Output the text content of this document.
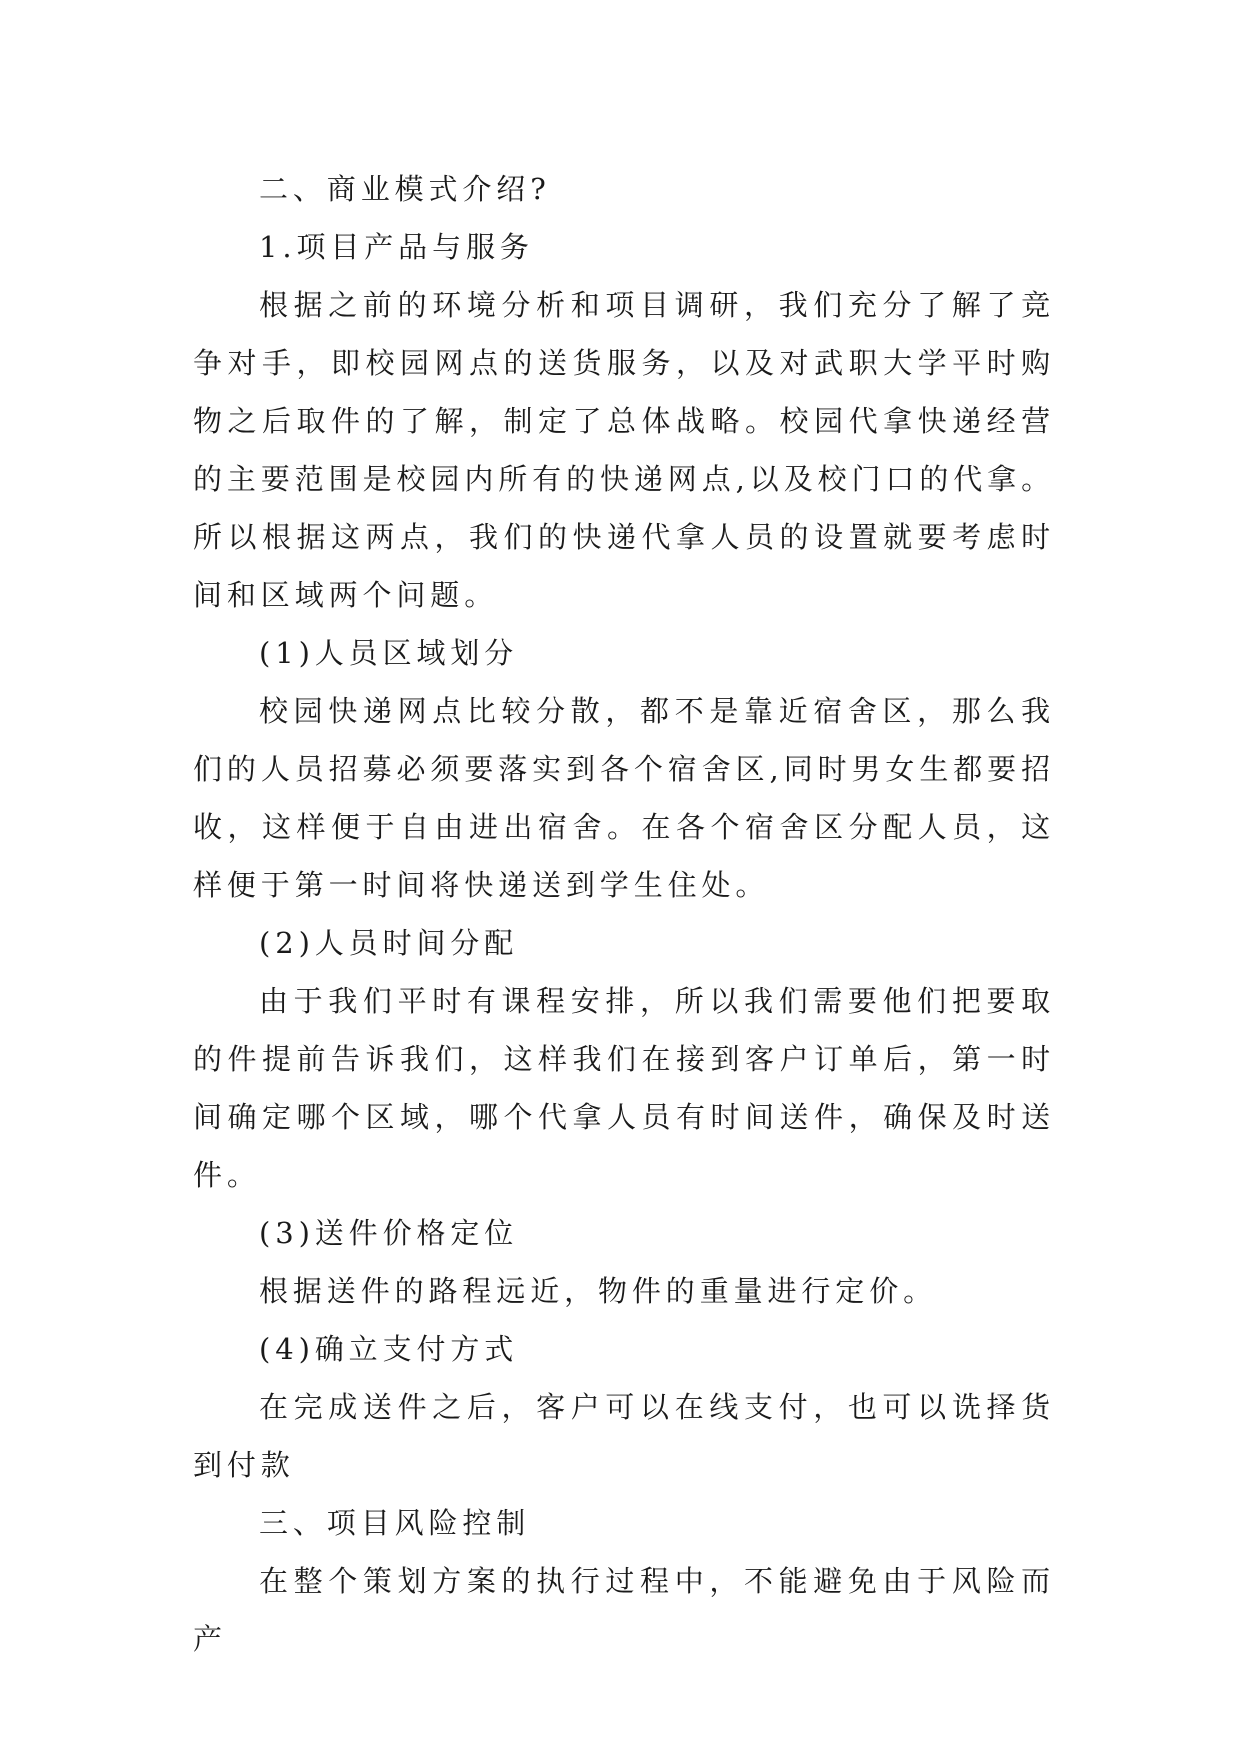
二、商业模式介绍?

1.项目产品与服务

根据之前的环境分析和项目调研，我们充分了解了竞争对手，即校园网点的送货服务，以及对武职大学平时购物之后取件的了解，制定了总体战略。校园代拿快递经营的主要范围是校园内所有的快递网点,以及校门口的代拿。所以根据这两点，我们的快递代拿人员的设置就要考虑时间和区域两个问题。

(1)人员区域划分

校园快递网点比较分散，都不是靠近宿舍区，那么我们的人员招募必须要落实到各个宿舍区,同时男女生都要招收，这样便于自由进出宿舍。在各个宿舍区分配人员，这样便于第一时间将快递送到学生住处。

(2)人员时间分配

由于我们平时有课程安排，所以我们需要他们把要取的件提前告诉我们，这样我们在接到客户订单后，第一时间确定哪个区域，哪个代拿人员有时间送件，确保及时送件。

(3)送件价格定位

根据送件的路程远近，物件的重量进行定价。

(4)确立支付方式

在完成送件之后，客户可以在线支付，也可以诜择货到付款

三、项目风险控制

在整个策划方案的执行过程中，不能避免由于风险而产
